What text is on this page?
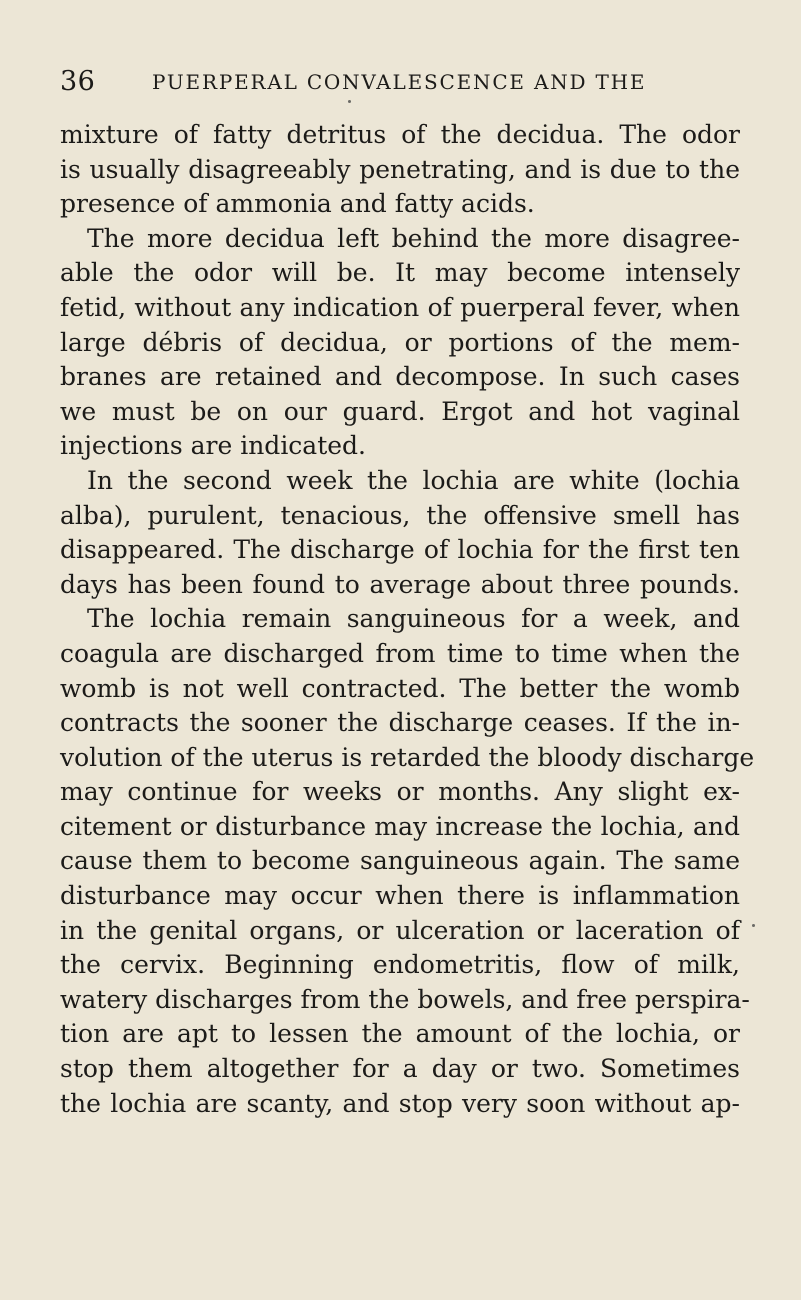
36	PUERPERAL CONVALESCENCE AND THE
mixture of fatty detritus of the decidua. The odor
is usually disagreeably penetrating, and is due to the
presence of ammonia and fatty acids.
The more decidua left behind the more disagree-
able the odor will be. It may become intensely
fetid, without any indication of puerperal fever, when
large débris of decidua, or portions of the mem-
branes are retained and decompose. In such cases
we must be on our guard. Ergot and hot vaginal
injections are indicated.
In the second week the lochia are white (lochia
alba), purulent, tenacious, the offensive smell has
disappeared. The discharge of lochia for the first ten
days has been found to average about three pounds.
The lochia remain sanguineous for a week, and
coagula are discharged from time to time when the
womb is not well contracted. The better the womb
contracts the sooner the discharge ceases. If the in-
volution of the uterus is retarded the bloody discharge
may continue for weeks or months. Any slight ex-
citement or disturbance may increase the lochia, and
cause them to become sanguineous again. The same
disturbance may occur when there is inflammation
in the genital organs, or ulceration or laceration of
the cervix. Beginning endometritis, flow of milk,
watery discharges from the bowels, and free perspira-
tion are apt to lessen the amount of the lochia, or
stop them altogether for a day or two. Sometimes
the lochia are scanty, and stop very soon without ap-
